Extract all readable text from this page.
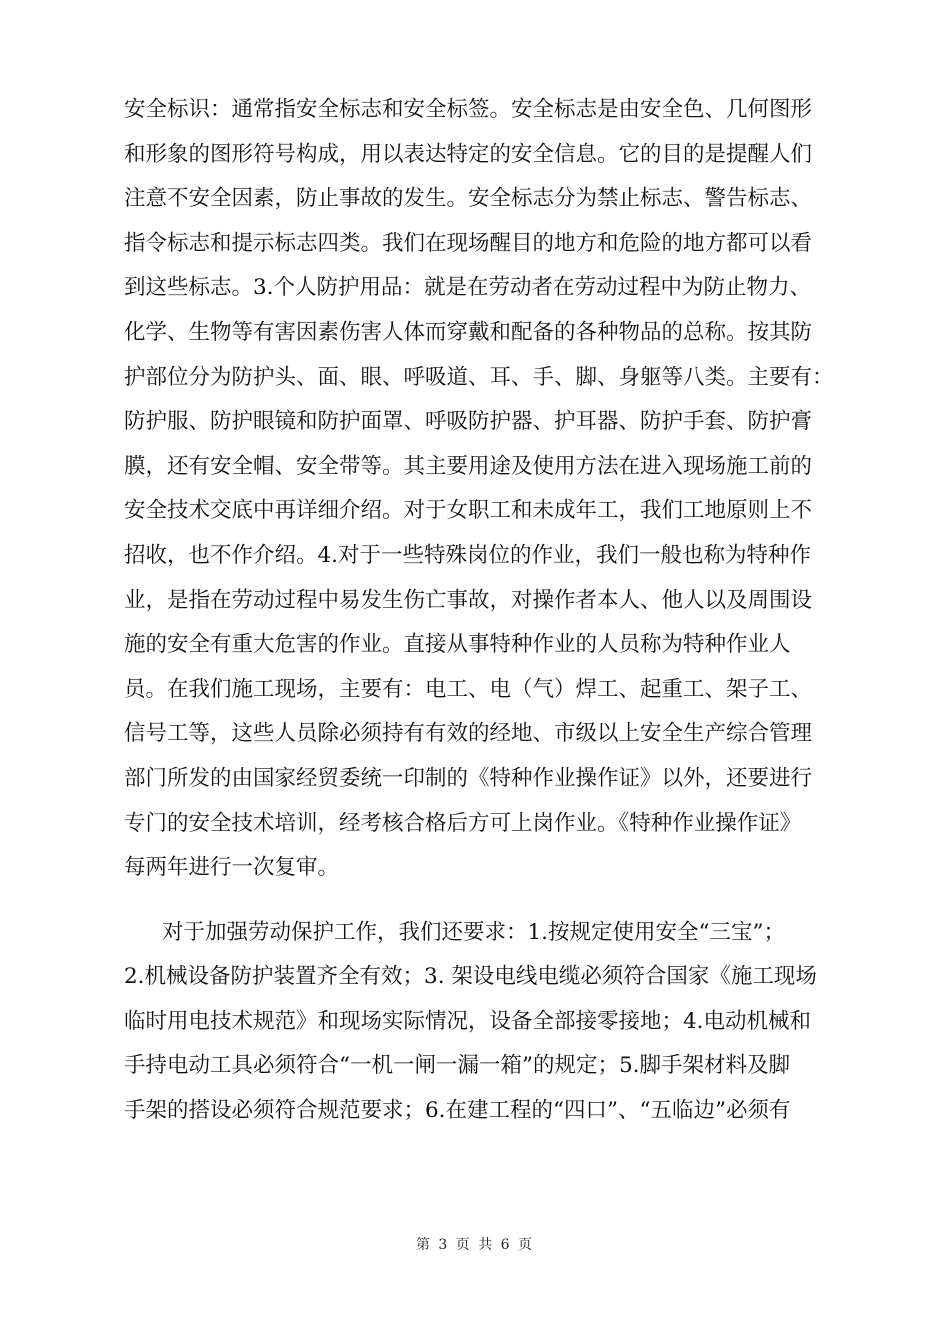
安全标识：通常指安全标志和安全标签。安全标志是由安全色、几何图形
和形象的图形符号构成，用以表达特定的安全信息。它的目的是提醒人们
注意不安全因素，防止事故的发生。安全标志分为禁止标志、警告标志、
指令标志和提示标志四类。我们在现场醒目的地方和危险的地方都可以看
到这些标志。3.个人防护用品：就是在劳动者在劳动过程中为防止物力、
化学、生物等有害因素伤害人体而穿戴和配备的各种物品的总称。按其防
护部位分为防护头、面、眼、呼吸道、耳、手、脚、身躯等八类。主要有：
防护服、防护眼镜和防护面罩、呼吸防护器、护耳器、防护手套、防护膏
膜，还有安全帽、安全带等。其主要用途及使用方法在进入现场施工前的
安全技术交底中再详细介绍。对于女职工和未成年工，我们工地原则上不
招收，也不作介绍。4.对于一些特殊岗位的作业，我们一般也称为特种作
业，是指在劳动过程中易发生伤亡事故，对操作者本人、他人以及周围设
施的安全有重大危害的作业。直接从事特种作业的人员称为特种作业人
员。在我们施工现场，主要有：电工、电（气）焊工、起重工、架子工、
信号工等，这些人员除必须持有有效的经地、市级以上安全生产综合管理
部门所发的由国家经贸委统一印制的《特种作业操作证》以外，还要进行
专门的安全技术培训，经考核合格后方可上岗作业。《特种作业操作证》
每两年进行一次复审。
对于加强劳动保护工作，我们还要求：1.按规定使用安全“三宝”；
2.机械设备防护装置齐全有效；3. 架设电线电缆必须符合国家《施工现场
临时用电技术规范》和现场实际情况，设备全部接零接地；4.电动机械和
手持电动工具必须符合“一机一闸一漏一箱”的规定；5.脚手架材料及脚
手架的搭设必须符合规范要求；6.在建工程的“四口”、“五临边”必须有
第 3 页 共 6 页
